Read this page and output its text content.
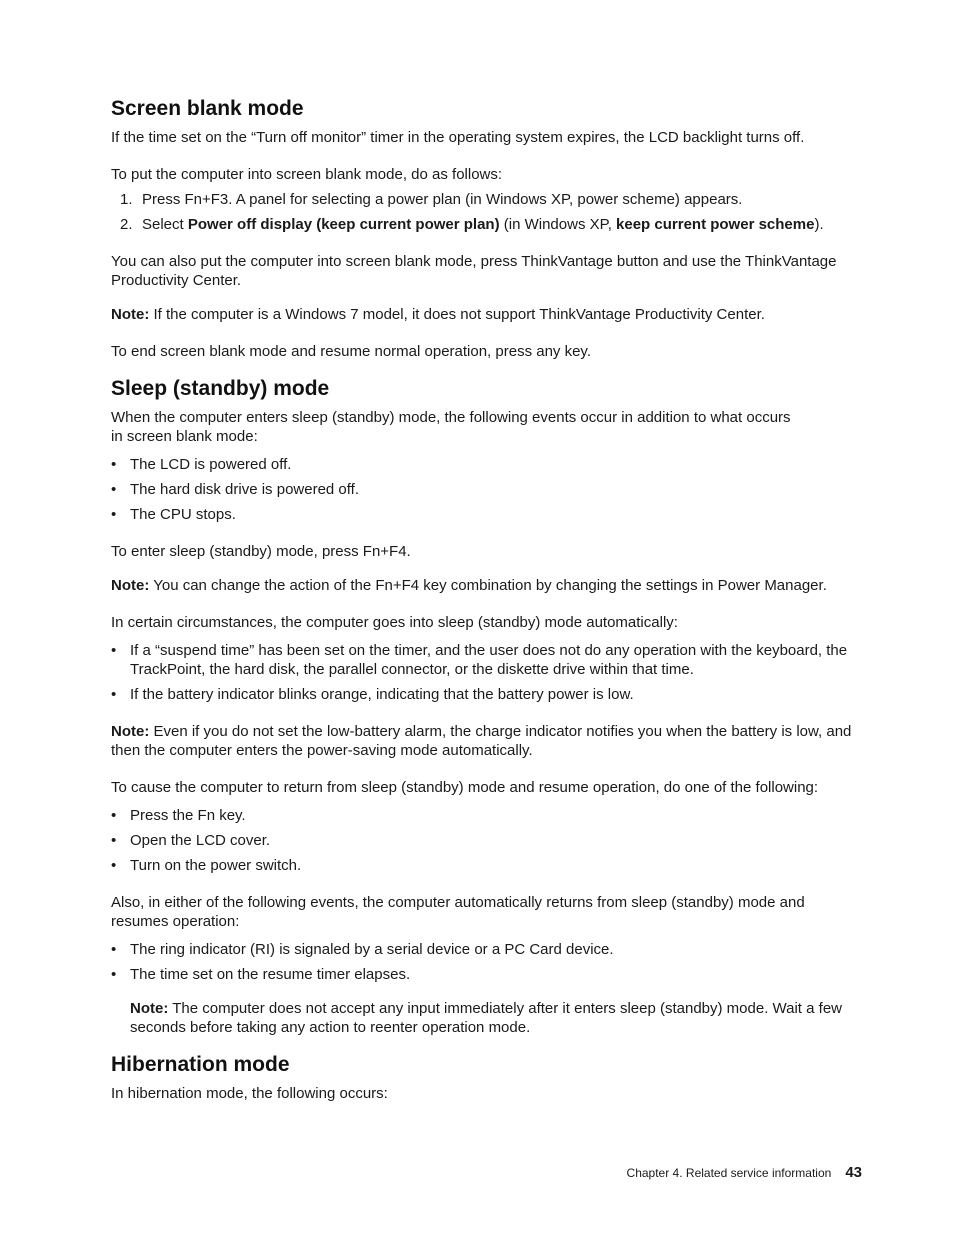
Screen blank mode

If the time set on the “Turn off monitor” timer in the operating system expires, the LCD backlight turns off.

To put the computer into screen blank mode, do as follows:

1. Press Fn+F3. A panel for selecting a power plan (in Windows XP, power scheme) appears.
2. Select Power off display (keep current power plan) (in Windows XP, keep current power scheme).

You can also put the computer into screen blank mode, press ThinkVantage button and use the ThinkVantage Productivity Center.

Note: If the computer is a Windows 7 model, it does not support ThinkVantage Productivity Center.

To end screen blank mode and resume normal operation, press any key.

Sleep (standby) mode

When the computer enters sleep (standby) mode, the following events occur in addition to what occurs
in screen blank mode:

• The LCD is powered off.
• The hard disk drive is powered off.
• The CPU stops.

To enter sleep (standby) mode, press Fn+F4.

Note: You can change the action of the Fn+F4 key combination by changing the settings in Power Manager.

In certain circumstances, the computer goes into sleep (standby) mode automatically:

• If a “suspend time” has been set on the timer, and the user does not do any operation with the keyboard, the TrackPoint, the hard disk, the parallel connector, or the diskette drive within that time.
• If the battery indicator blinks orange, indicating that the battery power is low.

Note: Even if you do not set the low-battery alarm, the charge indicator notifies you when the battery is low, and then the computer enters the power-saving mode automatically.

To cause the computer to return from sleep (standby) mode and resume operation, do one of the following:

• Press the Fn key.
• Open the LCD cover.
• Turn on the power switch.

Also, in either of the following events, the computer automatically returns from sleep (standby) mode and resumes operation:

• The ring indicator (RI) is signaled by a serial device or a PC Card device.
• The time set on the resume timer elapses.

Note: The computer does not accept any input immediately after it enters sleep (standby) mode. Wait a few seconds before taking any action to reenter operation mode.

Hibernation mode

In hibernation mode, the following occurs:

Chapter 4. Related service information 43
